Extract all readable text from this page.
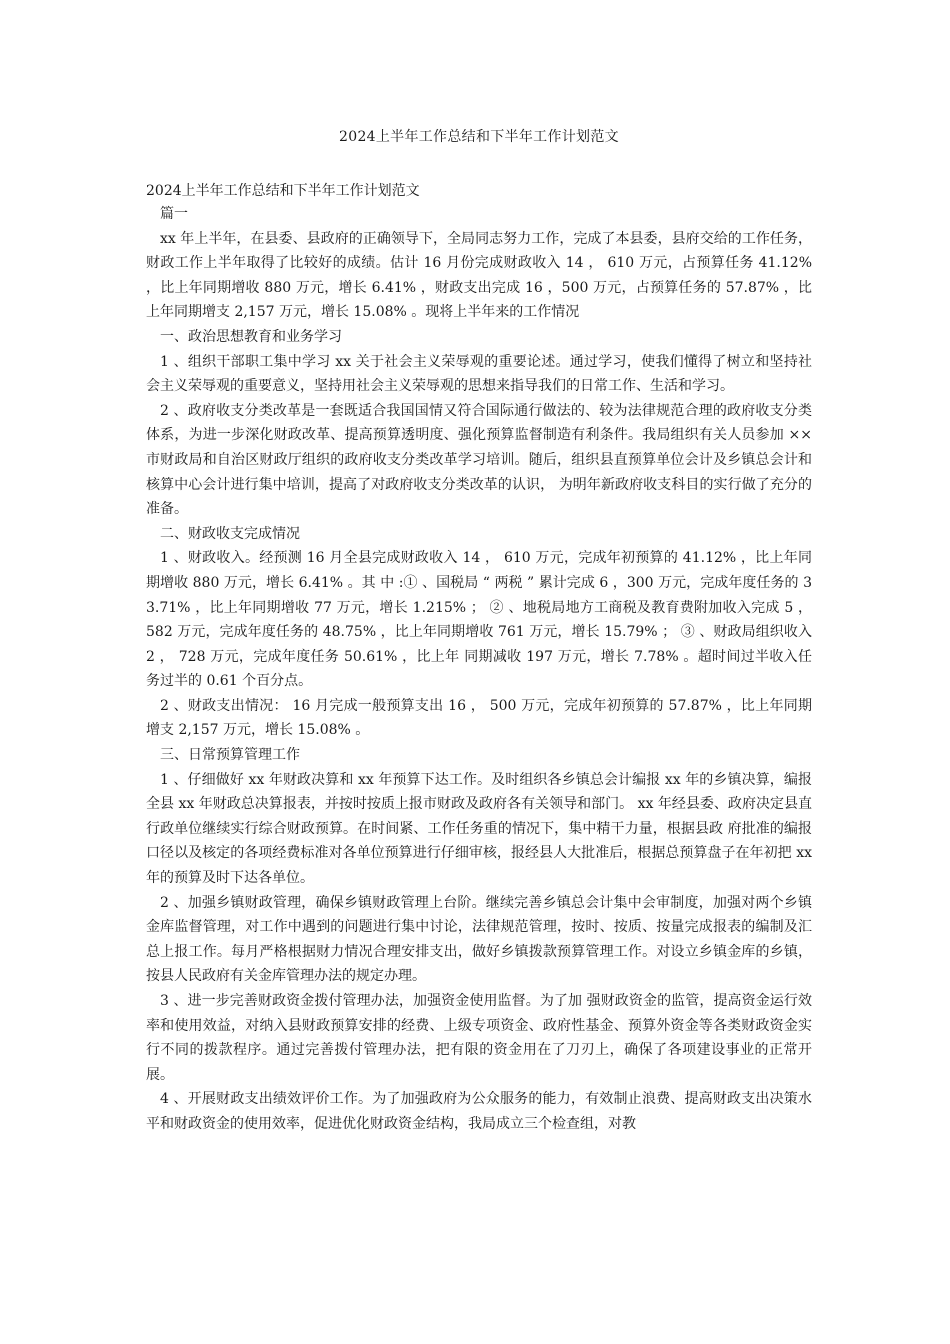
2024上半年工作总结和下半年工作计划范文
2024上半年工作总结和下半年工作计划范文

篇一

xx 年上半年，在县委、县政府的正确领导下，全局同志努力工作，完成了本县委，县府交给的工作任务，财政工作上半年取得了比较好的成绩。估计 16 月份完成财政收入 14 ， 610 万元，占预算任务 41.12% ，比上年同期增收 880 万元，增长 6.41% ，财政支出完成 16 ，500 万元，占预算任务的 57.87% ，比上年同期增支 2,157 万元，增长 15.08% 。现将上半年来的工作情况

一、政治思想教育和业务学习

1 、组织干部职工集中学习 xx 关于社会主义荣辱观的重要论述。通过学习，使我们懂得了树立和坚持社会主义荣辱观的重要意义，坚持用社会主义荣辱观的思想来指导我们的日常工作、生活和学习。

2 、政府收支分类改革是一套既适合我国国情又符合国际通行做法的、较为法律规范合理的政府收支分类体系，为进一步深化财政改革、提高预算透明度、强化预算监督制造有利条件。我局组织有关人员参加 ×× 市财政局和自治区财政厅组织的政府收支分类改革学习培训。随后，组织县直预算单位会计及乡镇总会计和核算中心会计进行集中培训，提高了对政府收支分类改革的认识， 为明年新政府收支科目的实行做了充分的准备。

二、财政收支完成情况

1 、财政收入。经预测 16 月全县完成财政收入 14 ， 610 万元，完成年初预算的 41.12% ，比上年同期增收 880 万元，增长 6.41% 。其 中 :① 、国税局 “ 两税 ” 累计完成 6 ，300 万元，完成年度任务的 33.71% ，比上年同期增收 77 万元，增长 1.215% ； ② 、地税局地方工商税及教育费附加收入完成 5 ， 582 万元，完成年度任务的 48.75% ，比上年同期增收 761 万元，增长 15.79% ； ③ 、财政局组织收入 2 ， 728 万元，完成年度任务 50.61% ，比上年 同期减收 197 万元，增长 7.78% 。超时间过半收入任务过半的 0.61 个百分点。

2 、财政支出情况： 16 月完成一般预算支出 16 ， 500 万元，完成年初预算的 57.87% ，比上年同期增支 2,157 万元，增长 15.08% 。

三、日常预算管理工作

1 、仔细做好 xx 年财政决算和 xx 年预算下达工作。及时组织各乡镇总会计编报 xx 年的乡镇决算，编报全县 xx 年财政总决算报表，并按时按质上报市财政及政府各有关领导和部门。 xx 年经县委、政府决定县直行政单位继续实行综合财政预算。在时间紧、工作任务重的情况下，集中精干力量，根据县政 府批准的编报口径以及核定的各项经费标准对各单位预算进行仔细审核，报经县人大批准后，根据总预算盘子在年初把 xx 年的预算及时下达各单位。

2 、加强乡镇财政管理，确保乡镇财政管理上台阶。继续完善乡镇总会计集中会审制度，加强对两个乡镇金库监督管理，对工作中遇到的问题进行集中讨论，法律规范管理，按时、按质、按量完成报表的编制及汇总上报工作。每月严格根据财力情况合理安排支出，做好乡镇拨款预算管理工作。对设立乡镇金库的乡镇，按县人民政府有关金库管理办法的规定办理。

3 、进一步完善财政资金拨付管理办法，加强资金使用监督。为了加 强财政资金的监管，提高资金运行效率和使用效益，对纳入县财政预算安排的经费、上级专项资金、政府性基金、预算外资金等各类财政资金实行不同的拨款程序。通过完善拨付管理办法，把有限的资金用在了刀刃上，确保了各项建设事业的正常开展。

4 、开展财政支出绩效评价工作。为了加强政府为公众服务的能力，有效制止浪费、提高财政支出决策水平和财政资金的使用效率，促进优化财政资金结构，我局成立三个检查组，对教
